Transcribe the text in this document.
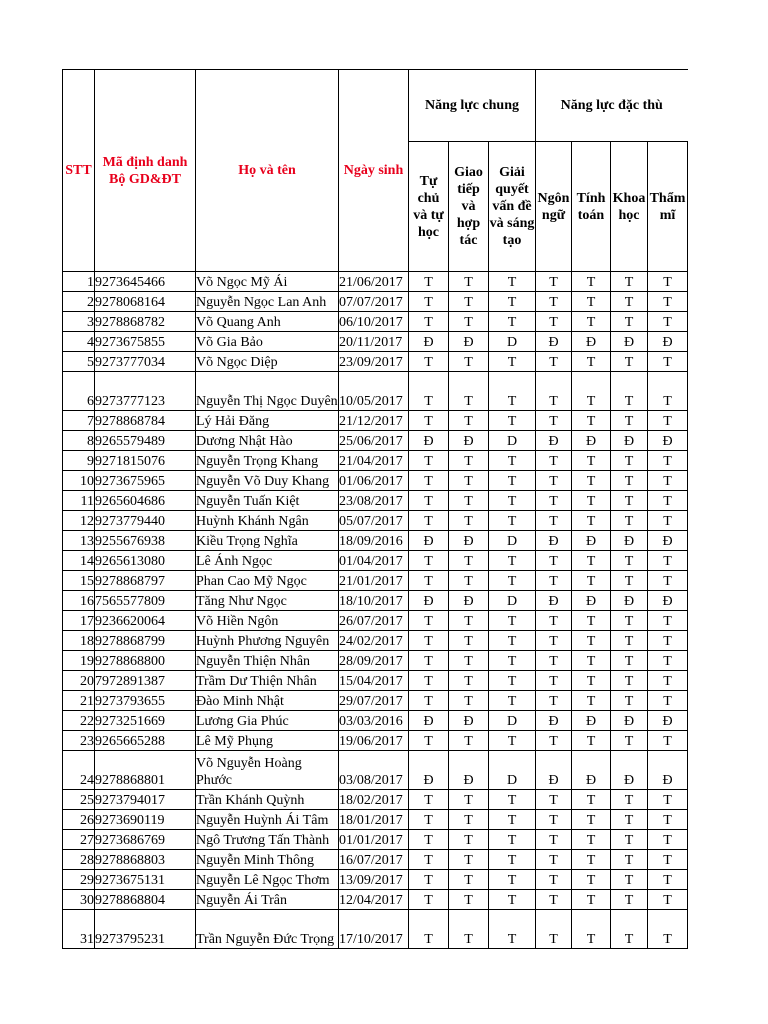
STT	Mã định danh Bộ GD&ĐT	Họ và tên	Ngày sinh	Năng lực chung			Năng lực đặc thù			
				Tự chủ và tự học	Giao tiếp và hợp tác	Giải quyết vấn đề và sáng tạo	Ngôn ngữ	Tính toán	Khoa học	Thẩm mĩ
1	9273645466	Võ Ngọc Mỹ Ái	21/06/2017	T	T	T	T	T	T	T
2	9278068164	Nguyễn Ngọc Lan Anh	07/07/2017	T	T	T	T	T	T	T
3	9278868782	Võ Quang Anh	06/10/2017	T	T	T	T	T	T	T
4	9273675855	Võ Gia Bảo	20/11/2017	Đ	Đ	D	Đ	Đ	Đ	Đ
5	9273777034	Võ Ngọc Diệp	23/09/2017	T	T	T	T	T	T	T
6	9273777123	Nguyễn Thị Ngọc Duyên	10/05/2017	T	T	T	T	T	T	T
7	9278868784	Lý Hải Đăng	21/12/2017	T	T	T	T	T	T	T
8	9265579489	Dương Nhật Hào	25/06/2017	Đ	Đ	D	Đ	Đ	Đ	Đ
9	9271815076	Nguyễn Trọng Khang	21/04/2017	T	T	T	T	T	T	T
10	9273675965	Nguyễn Võ Duy Khang	01/06/2017	T	T	T	T	T	T	T
11	9265604686	Nguyễn Tuấn Kiệt	23/08/2017	T	T	T	T	T	T	T
12	9273779440	Huỳnh Khánh Ngân	05/07/2017	T	T	T	T	T	T	T
13	9255676938	Kiều Trọng Nghĩa	18/09/2016	Đ	Đ	D	Đ	Đ	Đ	Đ
14	9265613080	Lê Ánh Ngọc	01/04/2017	T	T	T	T	T	T	T
15	9278868797	Phan Cao Mỹ Ngọc	21/01/2017	T	T	T	T	T	T	T
16	7565577809	Tăng Như Ngọc	18/10/2017	Đ	Đ	D	Đ	Đ	Đ	Đ
17	9236620064	Võ Hiền Ngôn	26/07/2017	T	T	T	T	T	T	T
18	9278868799	Huỳnh Phương Nguyên	24/02/2017	T	T	T	T	T	T	T
19	9278868800	Nguyễn Thiện Nhân	28/09/2017	T	T	T	T	T	T	T
20	7972891387	Trầm Dư Thiện Nhân	15/04/2017	T	T	T	T	T	T	T
21	9273793655	Đào Minh Nhật	29/07/2017	T	T	T	T	T	T	T
22	9273251669	Lương Gia Phúc	03/03/2016	Đ	Đ	D	Đ	Đ	Đ	Đ
23	9265665288	Lê Mỹ Phụng	19/06/2017	T	T	T	T	T	T	T
24	9278868801	Võ Nguyễn Hoàng Phước	03/08/2017	Đ	Đ	D	Đ	Đ	Đ	Đ
25	9273794017	Trần Khánh Quỳnh	18/02/2017	T	T	T	T	T	T	T
26	9273690119	Nguyễn Huỳnh Ái Tâm	18/01/2017	T	T	T	T	T	T	T
27	9273686769	Ngô Trương Tấn Thành	01/01/2017	T	T	T	T	T	T	T
28	9278868803	Nguyễn Minh Thông	16/07/2017	T	T	T	T	T	T	T
29	9273675131	Nguyễn Lê Ngọc Thơm	13/09/2017	T	T	T	T	T	T	T
30	9278868804	Nguyễn Ái Trân	12/04/2017	T	T	T	T	T	T	T
31	9273795231	Trần Nguyễn Đức Trọng	17/10/2017	T	T	T	T	T	T	T
